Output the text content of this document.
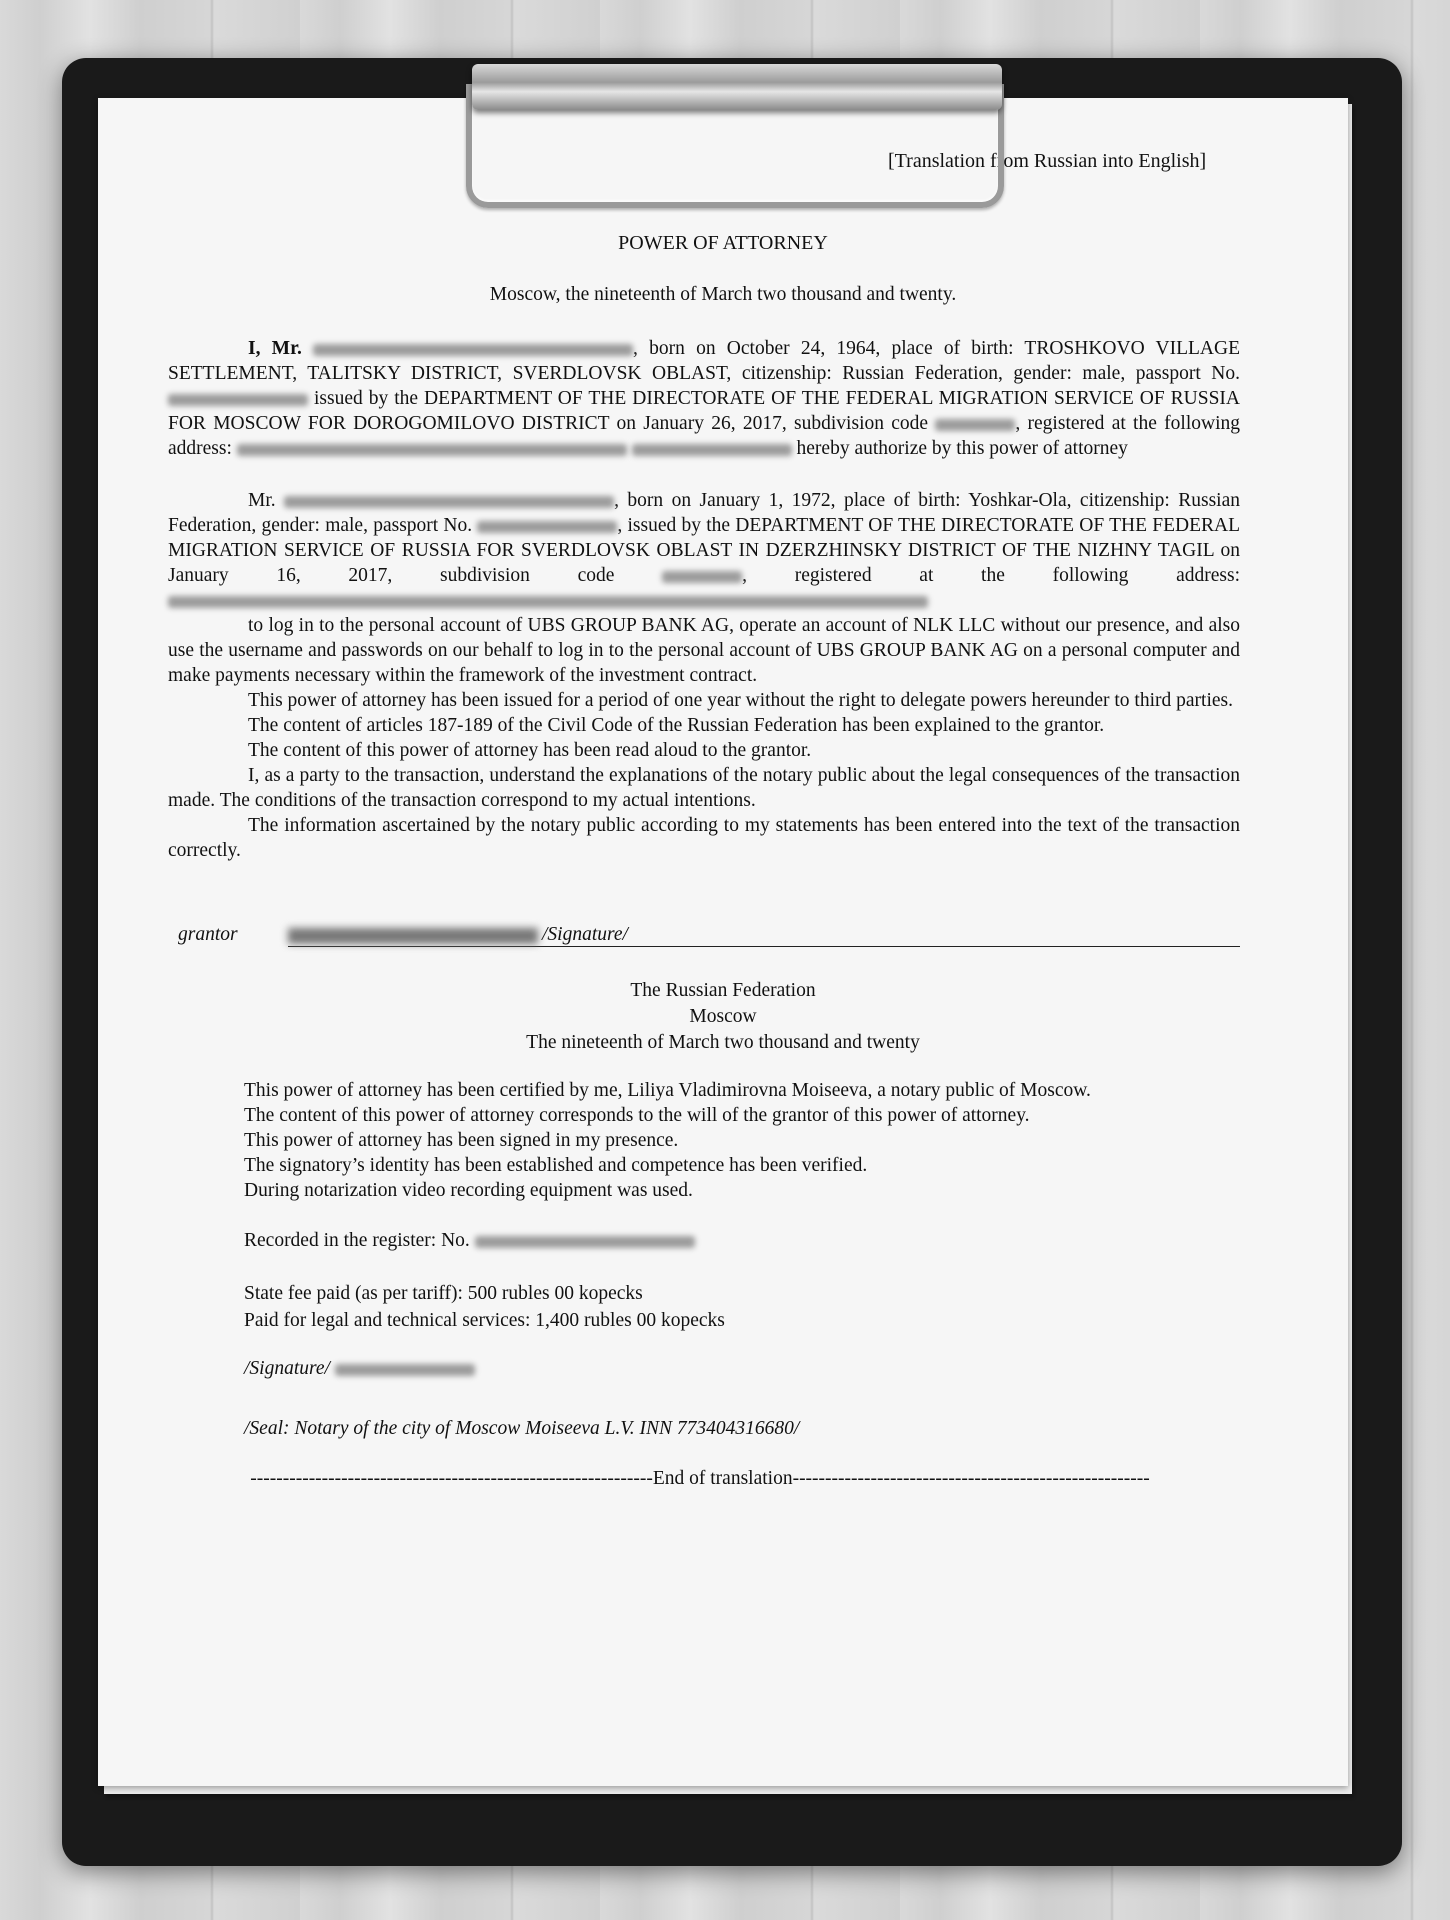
[Translation from Russian into English]
POWER OF ATTORNEY
Moscow, the nineteenth of March two thousand and twenty.
I, Mr.	, born on October 24, 1964, place of birth: TROSHKOVO VILLAGE SETTLEMENT, TALITSKY DISTRICT, SVERDLOVSK OBLAST, citizenship: Russian Federation, gender: male, passport No.  issued by the DEPARTMENT OF THE DIRECTORATE OF THE FEDERAL MIGRATION SERVICE OF RUSSIA FOR MOSCOW FOR DOROGOMILOVO DISTRICT on January 26, 2017, subdivision code	, registered at the following address:	hereby authorize by this power of attorney
Mr.	, born on January 1, 1972, place of birth: Yoshkar-Ola, citizenship: Russian Federation, gender: male, passport No.	, issued by the DEPARTMENT OF THE DIRECTORATE OF THE FEDERAL MIGRATION SERVICE OF RUSSIA FOR SVERDLOVSK OBLAST IN DZERZHINSKY DISTRICT OF THE NIZHNY TAGIL on January 16, 2017, subdivision code	, registered at the following address:
to log in to the personal account of UBS GROUP BANK AG, operate an account of NLK LLC without our presence, and also use the username and passwords on our behalf to log in to the personal account of UBS GROUP BANK AG on a personal computer and make payments necessary within the framework of the investment contract.
This power of attorney has been issued for a period of one year without the right to delegate powers hereunder to third parties.
The content of articles 187-189 of the Civil Code of the Russian Federation has been explained to the grantor.
The content of this power of attorney has been read aloud to the grantor.
I, as a party to the transaction, understand the explanations of the notary public about the legal consequences of the transaction made. The conditions of the transaction correspond to my actual intentions.
The information ascertained by the notary public according to my statements has been entered into the text of the transaction correctly.
grantor	/Signature/
The Russian Federation
Moscow
The nineteenth of March two thousand and twenty
This power of attorney has been certified by me, Liliya Vladimirovna Moiseeva, a notary public of Moscow.
The content of this power of attorney corresponds to the will of the grantor of this power of attorney.
This power of attorney has been signed in my presence.
The signatory’s identity has been established and competence has been verified.
During notarization video recording equipment was used.
Recorded in the register: No.
State fee paid (as per tariff): 500 rubles 00 kopecks
Paid for legal and technical services: 1,400 rubles 00 kopecks
/Signature/
/Seal: Notary of the city of Moscow Moiseeva L.V. INN 773404316680/
--------------------------------------------------------------End of translation-------------------------------------------------------
